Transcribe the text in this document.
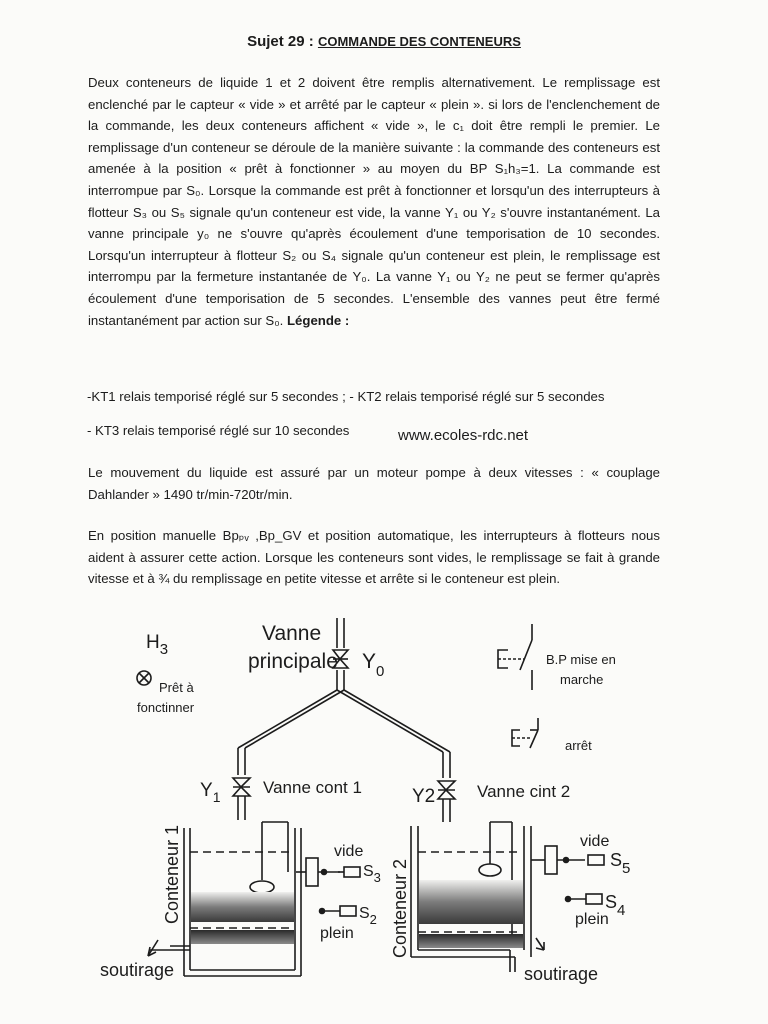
Sujet 29 : COMMANDE DES CONTENEURS

Deux conteneurs de liquide 1 et 2 doivent être remplis alternativement. Le remplissage est enclenché par le capteur « vide » et arrêté par le capteur « plein ». si lors de l'enclenchement de la commande, les deux conteneurs affichent « vide », le c₁ doit être rempli le premier. Le remplissage d'un conteneur se déroule de la manière suivante : la commande des conteneurs est amenée à la position « prêt à fonctionner » au moyen du BP S₁h₃=1. La commande est interrompue par S₀. Lorsque la commande est prêt à fonctionner et lorsqu'un des interrupteurs à flotteur S₃ ou S₅ signale qu'un conteneur est vide, la vanne Y₁ ou Y₂ s'ouvre instantanément. La vanne principale y₀ ne s'ouvre qu'après écoulement d'une temporisation de 10 secondes. Lorsqu'un interrupteur à flotteur S₂ ou S₄ signale qu'un conteneur est plein, le remplissage est interrompu par la fermeture instantanée de Y₀. La vanne Y₁ ou Y₂ ne peut se fermer qu'après écoulement d'une temporisation de 5 secondes. L'ensemble des vannes peut être fermé instantanément par action sur S₀. Légende :

-KT1 relais temporisé réglé sur 5 secondes ; - KT2 relais temporisé réglé sur 5 secondes

- KT3 relais temporisé réglé sur 10 secondes	www.ecoles-rdc.net

Le mouvement du liquide est assuré par un moteur pompe à deux vitesses : « couplage Dahlander » 1490 tr/min-720tr/min.

En position manuelle Bpₚᵥ ,Bp_GV et position automatique, les interrupteurs à flotteurs nous aident à assurer cette action. Lorsque les conteneurs sont vides, le remplissage se fait à grande vitesse et à ¾ du remplissage en petite vitesse et arrête si le conteneur est plein.

$H_3$
Prêt à
fonctinner
Vanne
principale $Y_0$
B.P mise en
marche
arrêt
$Y_1$	Vanne cont 1	Y2 Vanne cint 2
Conteneur 1	Conteneur 2
vide
$S_3$
$S_2$
plein
vide
$S_5$
$S_4$
plein
soutirage	soutirage
